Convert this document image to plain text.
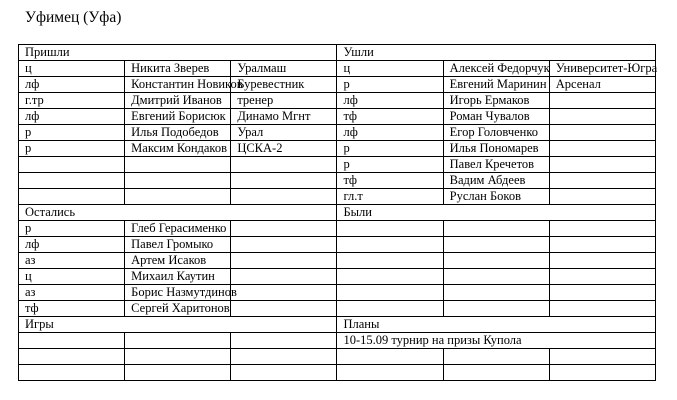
Уфимец (Уфа)
Пришли			Ушли		
ц	Никита Зверев	Уралмаш	ц	Алексей Федорчук	Университет-Югра
лф	Константин Новиков	Буревестник	р	Евгений Маринин	Арсенал
г.тр	Дмитрий Иванов	тренер	лф	Игорь Ермаков	
лф	Евгений Борисюк	Динамо Мгнт	тф	Роман Чувалов	
р	Илья Подобедов	Урал	лф	Егор Головченко	
р	Максим Кондаков	ЦСКА-2	р	Илья Пономарев	
			р	Павел Кречетов	
			тф	Вадим Абдеев	
			гл.т	Руслан Боков	
Остались			Были		
р	Глеб Герасименко				
лф	Павел Громыко				
аз	Артем Исаков				
ц	Михаил Каутин				
аз	Борис Назмутдинов				
тф	Сергей Харитонов				
Игры			Планы		
			10-15.09 турнир на призы Купола		
